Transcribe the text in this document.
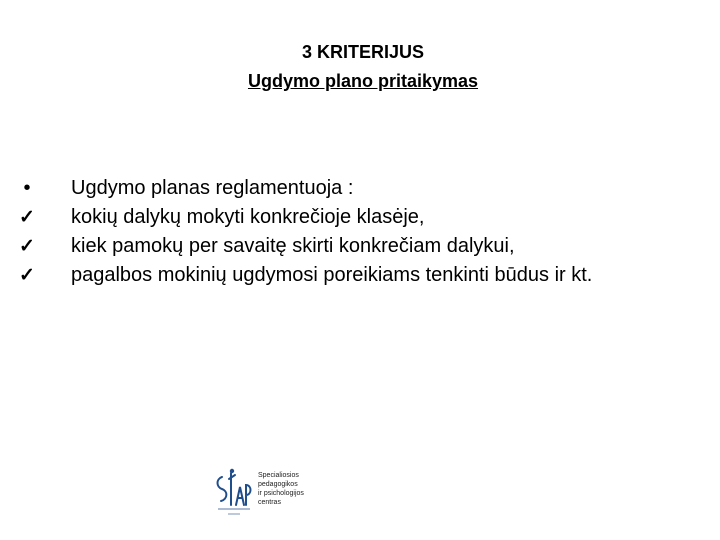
3 KRITERIJUS

Ugdymo plano pritaikymas

•	Ugdymo planas reglamentuoja :

✓ kokių dalykų mokyti konkrečioje klasėje,

✓ kiek pamokų per savaitę skirti konkrečiam dalykui,

✓ pagalbos mokinių ugdymosi poreikiams tenkinti būdus ir kt.

Specialiosios
pedagogikos
ir psichologijos
centras
